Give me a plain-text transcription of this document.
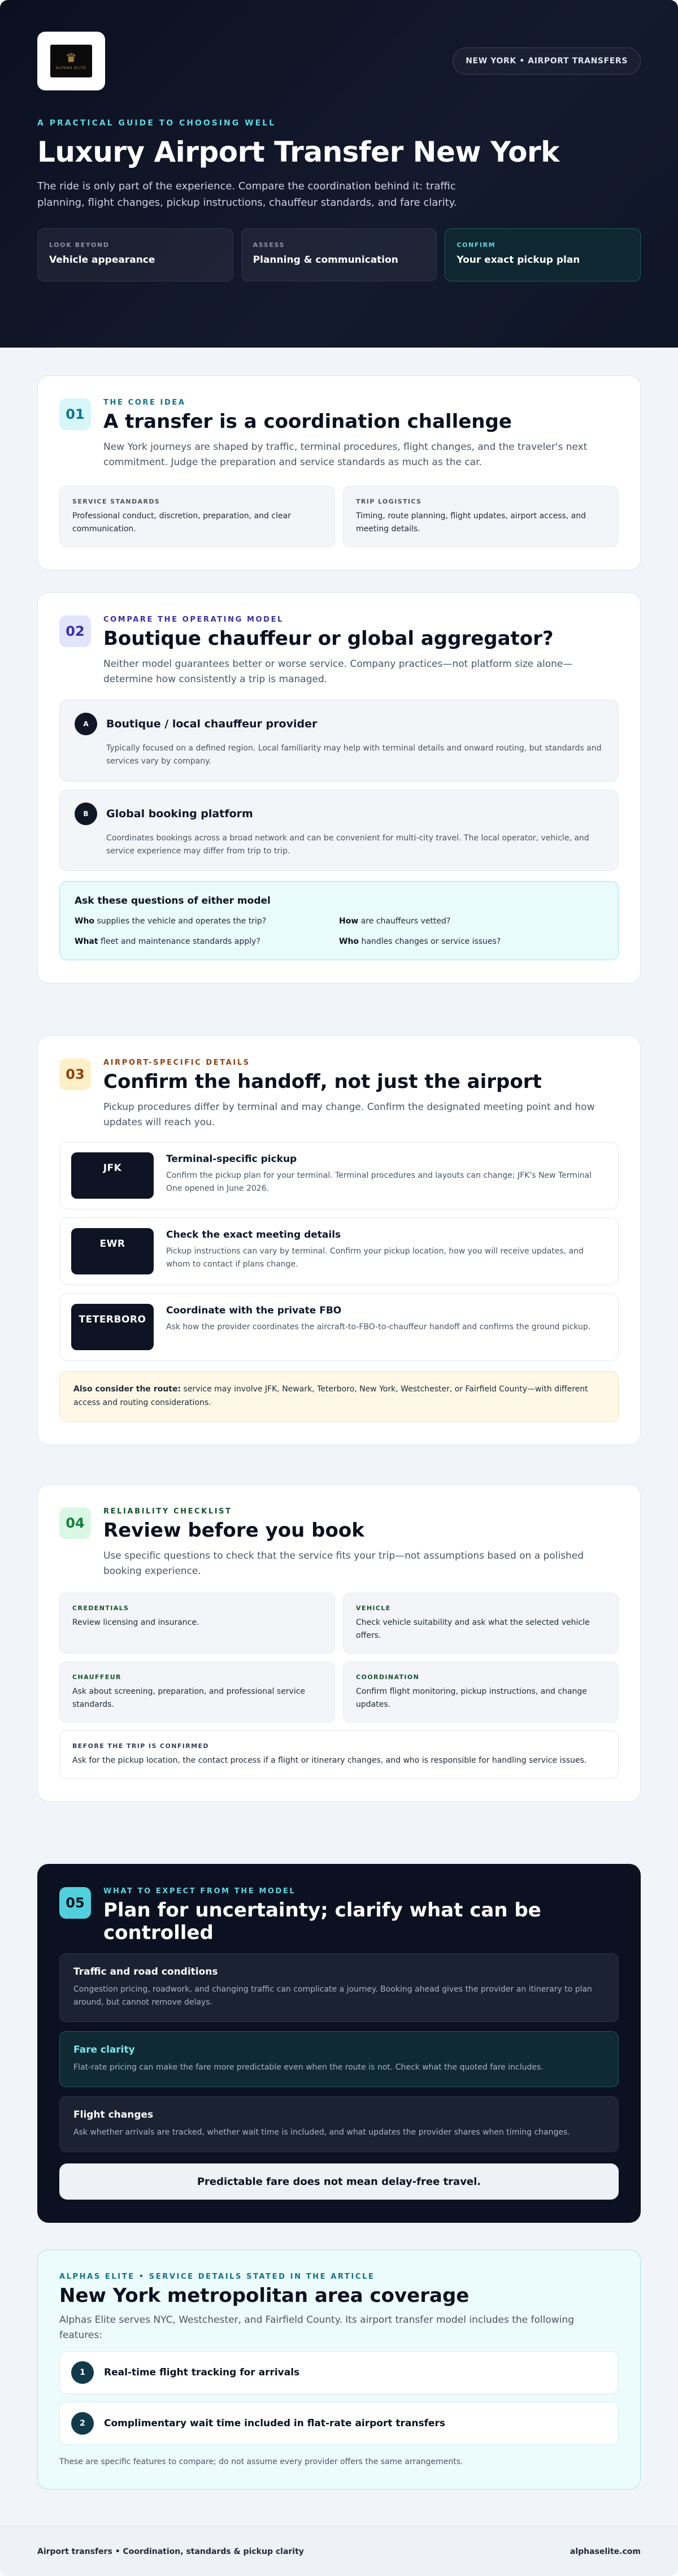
♛
ALPHAS ELITE
NEW YORK • AIRPORT TRANSFERS
A PRACTICAL GUIDE TO CHOOSING WELL
Luxury Airport Transfer New York

The ride is only part of the experience. Compare the coordination behind it: traffic planning, flight changes, pickup instructions, chauffeur standards, and fare clarity.

LOOK BEYOND
Vehicle appearance
ASSESS
Planning & communication
CONFIRM
Your exact pickup plan
01
THE CORE IDEA
A transfer is a coordination challenge

New York journeys are shaped by traffic, terminal procedures, flight changes, and the traveler's next commitment. Judge the preparation and service standards as much as the car.

SERVICE STANDARDS
Professional conduct, discretion, preparation, and clear communication.
TRIP LOGISTICS
Timing, route planning, flight updates, airport access, and meeting details.
02
COMPARE THE OPERATING MODEL
Boutique chauffeur or global aggregator?

Neither model guarantees better or worse service. Company practices—not platform size alone—determine how consistently a trip is managed.

A	Boutique / local chauffeur provider
Typically focused on a defined region. Local familiarity may help with terminal details and onward routing, but standards and services vary by company.
B	Global booking platform
Coordinates bookings across a broad network and can be convenient for multi-city travel. The local operator, vehicle, and service experience may differ from trip to trip.
Ask these questions of either model
Who supplies the vehicle and operates the trip?	How are chauffeurs vetted?
What fleet and maintenance standards apply?	Who handles changes or service issues?
03
AIRPORT-SPECIFIC DETAILS
Confirm the handoff, not just the airport

Pickup procedures differ by terminal and may change. Confirm the designated meeting point and how updates will reach you.

JFK
Terminal-specific pickup
Confirm the pickup plan for your terminal. Terminal procedures and layouts can change; JFK's New Terminal One opened in June 2026.
EWR
Check the exact meeting details
Pickup instructions can vary by terminal. Confirm your pickup location, how you will receive updates, and whom to contact if plans change.
TETERBORO
Coordinate with the private FBO
Ask how the provider coordinates the aircraft-to-FBO-to-chauffeur handoff and confirms the ground pickup.
Also consider the route: service may involve JFK, Newark, Teterboro, New York, Westchester, or Fairfield County—with different access and routing considerations.
04
RELIABILITY CHECKLIST
Review before you book

Use specific questions to check that the service fits your trip—not assumptions based on a polished booking experience.

CREDENTIALS
Review licensing and insurance.
VEHICLE
Check vehicle suitability and ask what the selected vehicle offers.
CHAUFFEUR
Ask about screening, preparation, and professional service standards.
COORDINATION
Confirm flight monitoring, pickup instructions, and change updates.
BEFORE THE TRIP IS CONFIRMED
Ask for the pickup location, the contact process if a flight or itinerary changes, and who is responsible for handling service issues.
05
WHAT TO EXPECT FROM THE MODEL
Plan for uncertainty; clarify what can be controlled
Traffic and road conditions
Congestion pricing, roadwork, and changing traffic can complicate a journey. Booking ahead gives the provider an itinerary to plan around, but cannot remove delays.
Fare clarity
Flat-rate pricing can make the fare more predictable even when the route is not. Check what the quoted fare includes.
Flight changes
Ask whether arrivals are tracked, whether wait time is included, and what updates the provider shares when timing changes.
Predictable fare does not mean delay-free travel.
ALPHAS ELITE • SERVICE DETAILS STATED IN THE ARTICLE
New York metropolitan area coverage

Alphas Elite serves NYC, Westchester, and Fairfield County. Its airport transfer model includes the following features:

1	Real-time flight tracking for arrivals
2	Complimentary wait time included in flat-rate airport transfers

These are specific features to compare; do not assume every provider offers the same arrangements.

Airport transfers • Coordination, standards & pickup clarity	alphaselite.com
